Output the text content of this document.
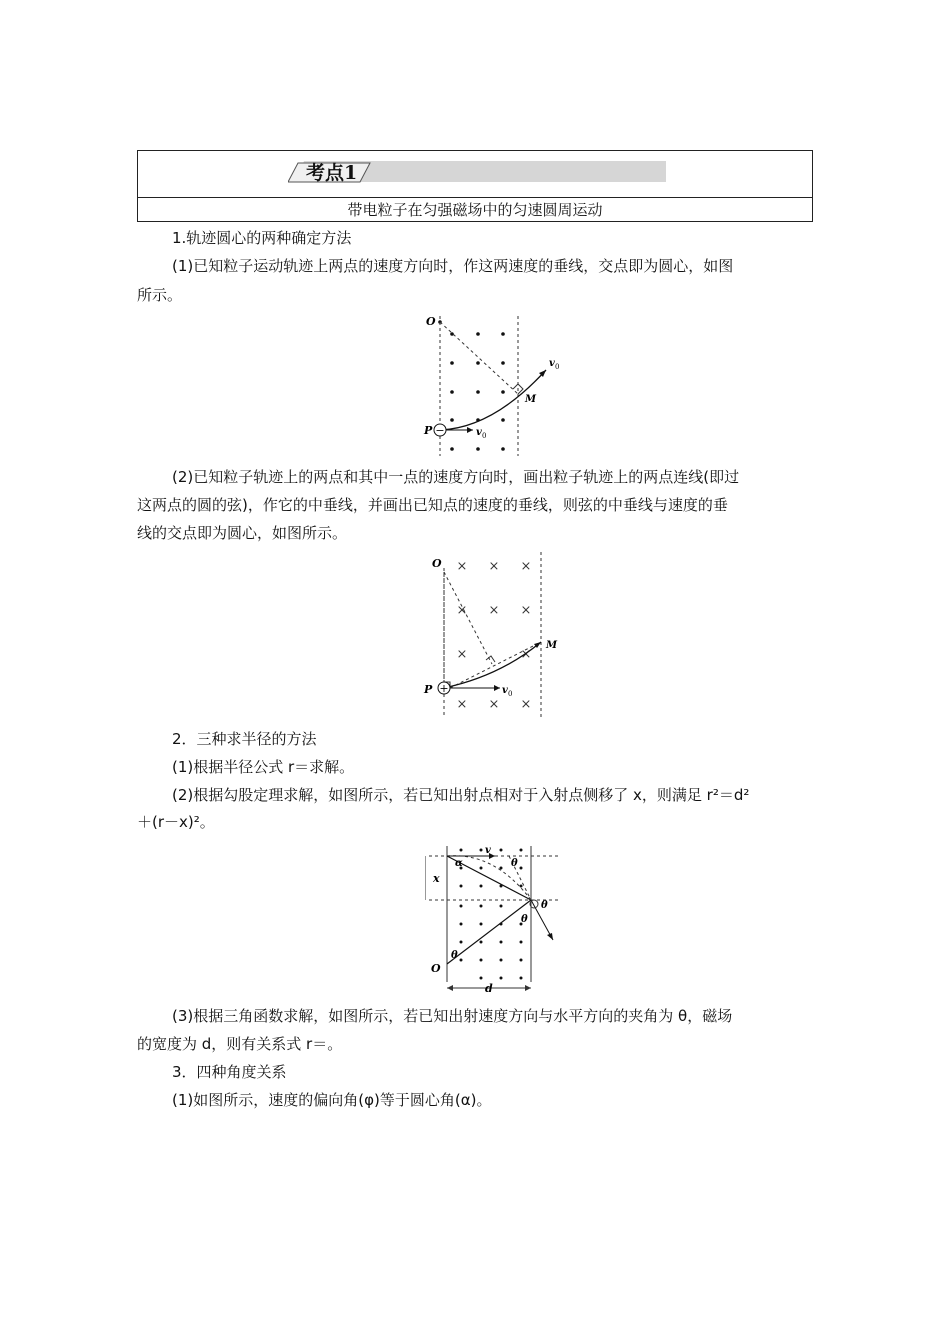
考点1
带电粒子在匀强磁场中的匀速圆周运动
1.轨迹圆心的两种确定方法
(1)已知粒子运动轨迹上两点的速度方向时，作这两速度的垂线，交点即为圆心，如图
所示。
−
O
P
M
v 0
v 0
(2)已知粒子轨迹上的两点和其中一点的速度方向时，画出粒子轨迹上的两点连线(即过
这两点的圆的弦)，作它的中垂线，并画出已知点的速度的垂线，则弦的中垂线与速度的垂
线的交点即为圆心，如图所示。
× × ×
× × ×
×	×
× × ×
+
O
P
M
v 0
2．三种求半径的方法
(1)根据半径公式 r＝求解。
(2)根据勾股定理求解，如图所示，若已知出射点相对于入射点侧移了 x，则满足 r²＝d²
＋(r－x)²。
x
d
O
v
α	θ
θ
θ
θ
(3)根据三角函数求解，如图所示，若已知出射速度方向与水平方向的夹角为 θ，磁场
的宽度为 d，则有关系式 r＝。
3．四种角度关系
(1)如图所示，速度的偏向角(φ)等于圆心角(α)。
